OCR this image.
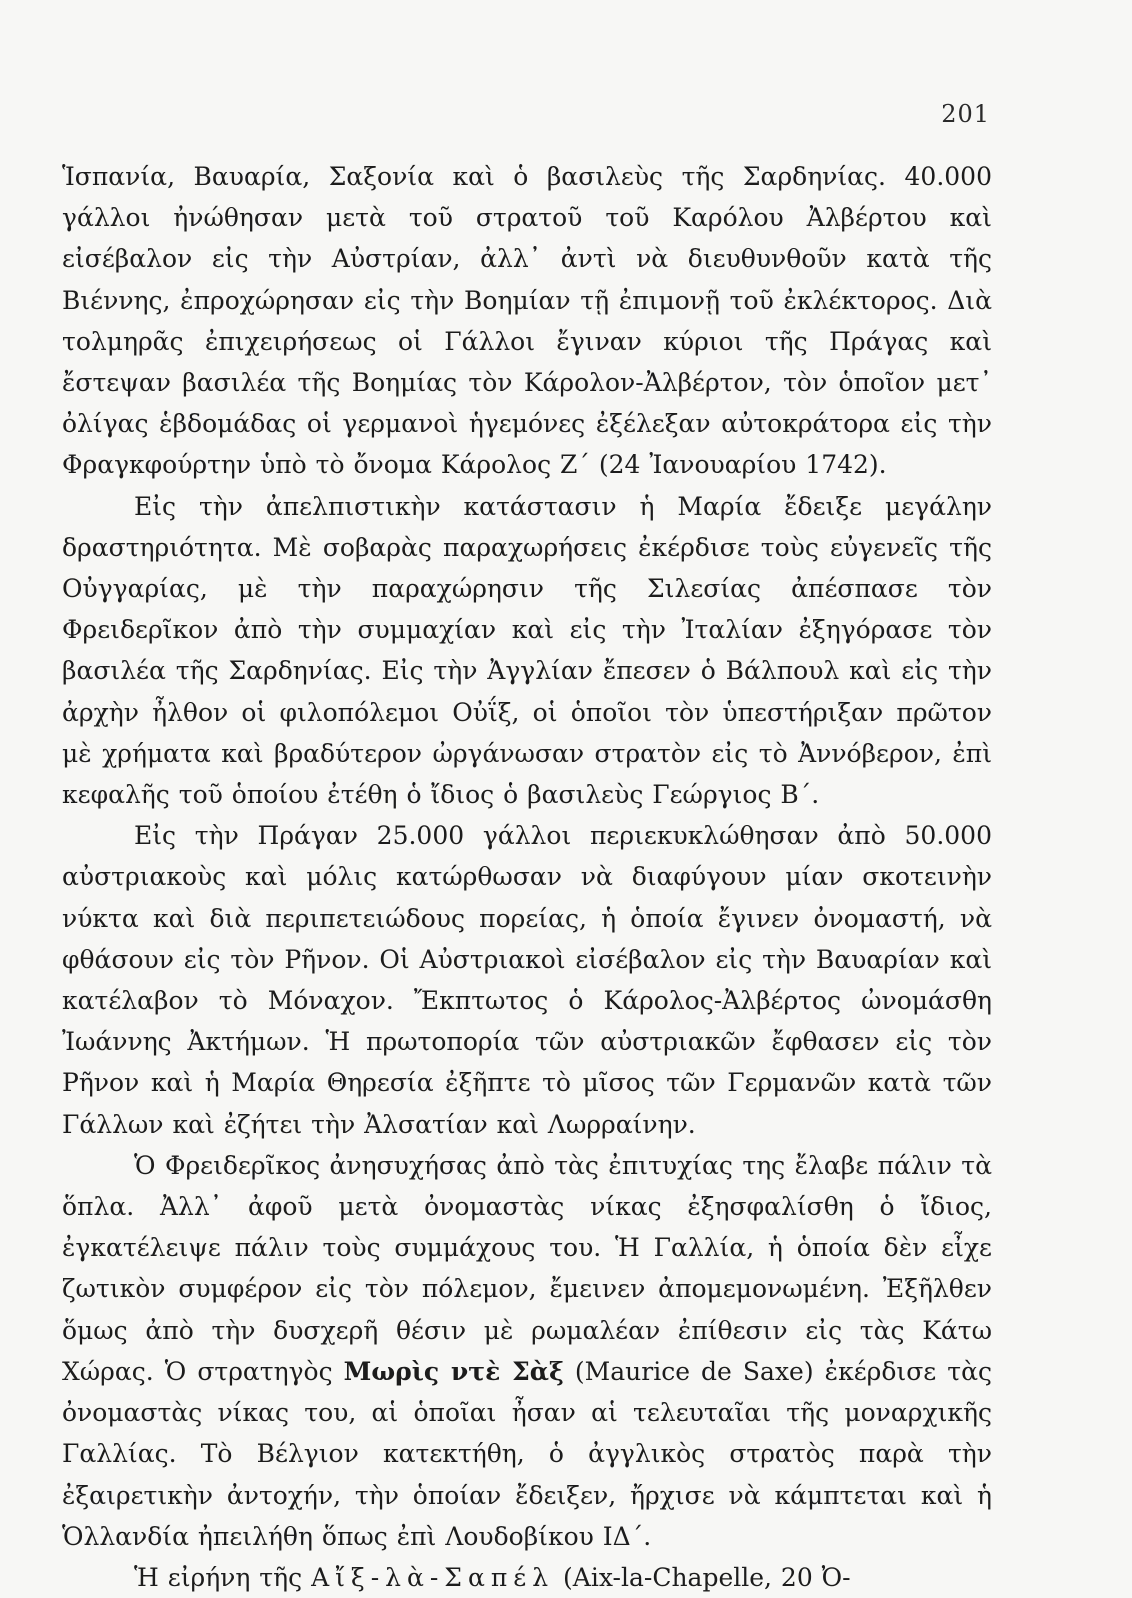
201

Ἱσπανία, Βαυαρία, Σαξονία καὶ ὁ βασιλεὺς τῆς Σαρδηνίας. 40.000 γάλλοι ἠνώθησαν μετὰ τοῦ στρατοῦ τοῦ Καρόλου Ἀλβέρτου καὶ εἰσέβαλον εἰς τὴν Αὐστρίαν, ἀλλ᾽ ἀντὶ νὰ διευθυνθοῦν κατὰ τῆς Βιέννης, ἐπροχώρησαν εἰς τὴν Βοημίαν τῇ ἐπιμονῇ τοῦ ἐκλέκτορος. Διὰ τολμηρᾶς ἐπιχειρήσεως οἱ Γάλλοι ἔγιναν κύριοι τῆς Πράγας καὶ ἔστεψαν βασιλέα τῆς Βοημίας τὸν Κάρολον-Ἀλβέρτον, τὸν ὁποῖον μετ᾽ ὀλίγας ἑβδομάδας οἱ γερμανοὶ ἡγεμόνες ἐξέλεξαν αὐτοκράτορα εἰς τὴν Φραγκφούρτην ὑπὸ τὸ ὄνομα Κάρολος Ζ´ (24 Ἰανουαρίου 1742).

Εἰς τὴν ἀπελπιστικὴν κατάστασιν ἡ Μαρία ἔδειξε μεγάλην δραστηριότητα. Μὲ σοβαρὰς παραχωρήσεις ἐκέρδισε τοὺς εὐγενεῖς τῆς Οὐγγαρίας, μὲ τὴν παραχώρησιν τῆς Σιλεσίας ἀπέσπασε τὸν Φρειδερῖκον ἀπὸ τὴν συμμαχίαν καὶ εἰς τὴν Ἰταλίαν ἐξηγόρασε τὸν βασιλέα τῆς Σαρδηνίας. Εἰς τὴν Ἀγγλίαν ἔπεσεν ὁ Βάλπουλ καὶ εἰς τὴν ἀρχὴν ἦλθον οἱ φιλοπόλεμοι Οὐΐξ, οἱ ὁποῖοι τὸν ὑπεστήριξαν πρῶτον μὲ χρήματα καὶ βραδύτερον ὠργάνωσαν στρατὸν εἰς τὸ Ἀννόβερον, ἐπὶ κεφαλῆς τοῦ ὁποίου ἐτέθη ὁ ἴδιος ὁ βασιλεὺς Γεώργιος Β´.

Εἰς τὴν Πράγαν 25.000 γάλλοι περιεκυκλώθησαν ἀπὸ 50.000 αὐστριακοὺς καὶ μόλις κατώρθωσαν νὰ διαφύγουν μίαν σκοτεινὴν νύκτα καὶ διὰ περιπετειώδους πορείας, ἡ ὁποία ἔγινεν ὀνομαστή, νὰ φθάσουν εἰς τὸν Ρῆνον. Οἱ Αὐστριακοὶ εἰσέβαλον εἰς τὴν Βαυαρίαν καὶ κατέλαβον τὸ Μόναχον. Ἔκπτωτος ὁ Κάρολος-Ἀλβέρτος ὠνομάσθη Ἰωάννης Ἀκτήμων. Ἡ πρωτοπορία τῶν αὐστριακῶν ἔφθασεν εἰς τὸν Ρῆνον καὶ ἡ Μαρία Θηρεσία ἐξῆπτε τὸ μῖσος τῶν Γερμανῶν κατὰ τῶν Γάλλων καὶ ἐζήτει τὴν Ἀλσατίαν καὶ Λωρραίνην.

Ὁ Φρειδερῖκος ἀνησυχήσας ἀπὸ τὰς ἐπιτυχίας της ἔλαβε πάλιν τὰ ὅπλα. Ἀλλ᾽ ἀφοῦ μετὰ ὀνομαστὰς νίκας ἐξησφαλίσθη ὁ ἴδιος, ἐγκατέλειψε πάλιν τοὺς συμμάχους του. Ἡ Γαλλία, ἡ ὁποία δὲν εἶχε ζωτικὸν συμφέρον εἰς τὸν πόλεμον, ἔμεινεν ἀπομεμονωμένη. Ἐξῆλθεν ὅμως ἀπὸ τὴν δυσχερῆ θέσιν μὲ ρωμαλέαν ἐπίθεσιν εἰς τὰς Κάτω Χώρας. Ὁ στρατηγὸς Μωρὶς ντὲ Σὰξ (Maurice de Saxe) ἐκέρδισε τὰς ὀνομαστὰς νίκας του, αἱ ὁποῖαι ἦσαν αἱ τελευταῖαι τῆς μοναρχικῆς Γαλλίας. Τὸ Βέλγιον κατεκτήθη, ὁ ἀγγλικὸς στρατὸς παρὰ τὴν ἐξαιρετικὴν ἀντοχήν, τὴν ὁποίαν ἔδειξεν, ἤρχισε νὰ κάμπτεται καὶ ἡ Ὁλλανδία ἠπειλήθη ὅπως ἐπὶ Λουδοβίκου ΙΔ´.

Ἡ εἰρήνη τῆς Αἴξ-λὰ-Σαπέλ (Aix-la-Chapelle, 20 Ὀ-
